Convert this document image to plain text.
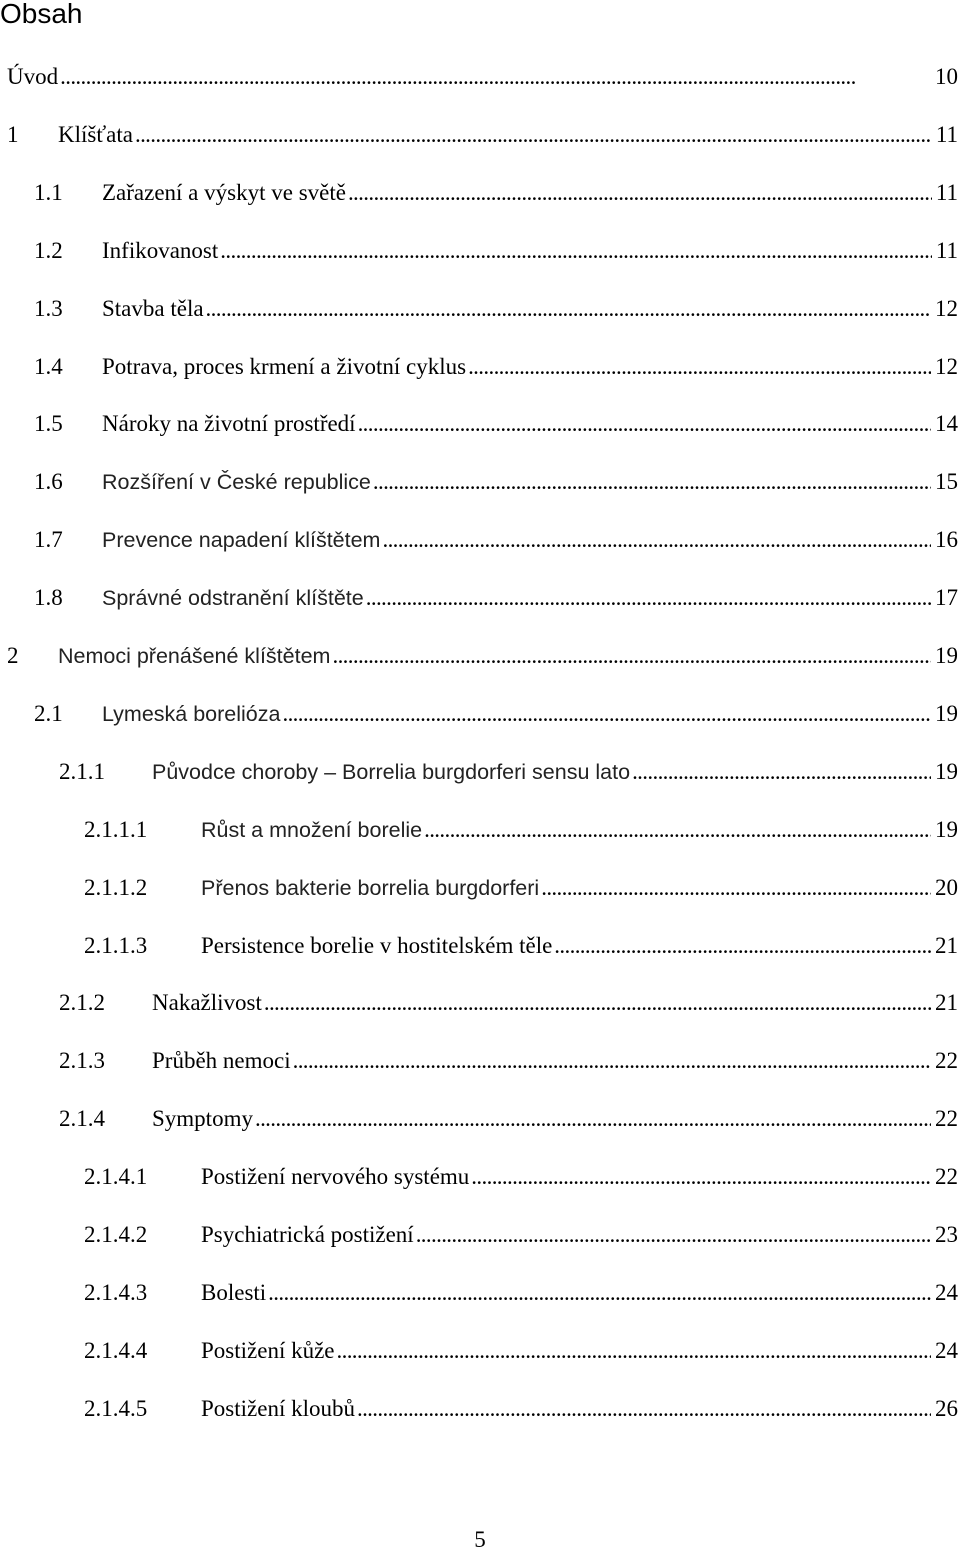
Obsah
Úvod . . .	10
1	Klíšťata . . .	11
1.1	Zařazení a výskyt ve světě . . .	11
1.2	Infikovanost . . .	11
1.3	Stavba těla . . .	12
1.4	Potrava, proces krmení a životní cyklus . . .	12
1.5	Nároky na životní prostředí . . .	14
1.6	Rozšíření v České republice . . .	15
1.7	Prevence napadení klíštětem . . .	16
1.8	Správné odstranění klíštěte . . .	17
2	Nemoci přenášené klíštětem . . .	19
2.1	Lymeská borelióza . . .	19
2.1.1	Původce choroby – Borrelia burgdorferi sensu lato . . .	19
2.1.1.1	Růst a množení borelie . . .	19
2.1.1.2	Přenos bakterie borrelia burgdorferi . . .	20
2.1.1.3	Persistence borelie v hostitelském těle . . .	21
2.1.2	Nakažlivost . . .	21
2.1.3	Průběh nemoci . . .	22
2.1.4	Symptomy . . .	22
2.1.4.1	Postižení nervového systému . . .	22
2.1.4.2	Psychiatrická postižení . . .	23
2.1.4.3	Bolesti . . .	24
2.1.4.4	Postižení kůže . . .	24
2.1.4.5	Postižení kloubů . . .	26
5
